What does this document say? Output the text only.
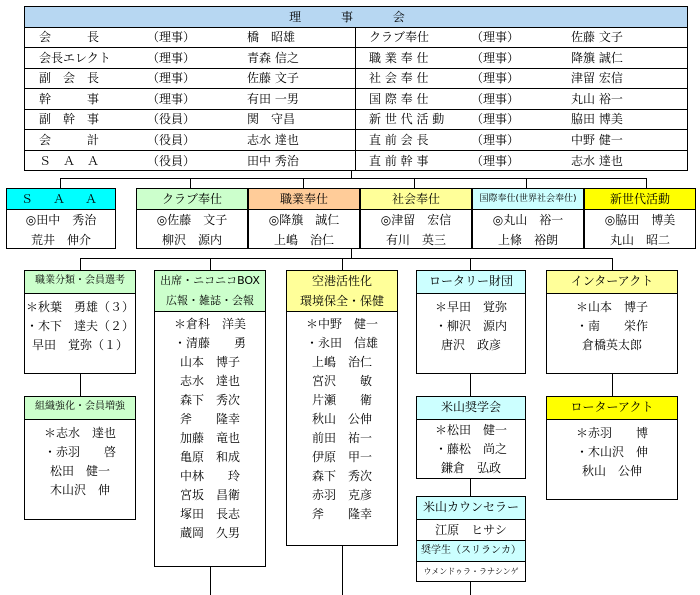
理 事 会
会　　　長	（理事）	橋　昭雄	クラブ奉仕	（理事）	佐藤 文子
会長エレクト	（理事）	青森 信之	職 業 奉 仕	（理事）	降籏 誠仁
副　会　長	（理事）	佐藤 文子	社 会 奉 仕	（理事）	津留 宏信
幹　　　事	（理事）	有田 一男	国 際 奉 仕	（理事）	丸山 裕一
副　幹　事	（役員）	関　守昌	新 世 代 活 動 （理事）	脇田 博美
会　　　計	（役員）	志水 達也	直 前 会 長	（理事）	中野 健一
Ｓ　Ａ　Ａ	（役員）	田中 秀治	直 前 幹 事	（理事）	志水 達也
Ｓ　Ａ　Ａ
◎田中　秀治
荒井　伸介
クラブ奉仕
◎佐藤　文子
柳沢　源内
職業奉仕
◎降籏　誠仁
上嶋　治仁
社会奉仕
◎津留　宏信
有川　英三
国際奉仕(世界社会奉仕)
◎丸山　裕一
上條　裕朗
新世代活動
◎脇田　博美
丸山　昭二
職業分類・会員選考
＊秋葉　勇雄（３）
・木下　達夫（２）
早田　覚弥（１）
組織強化・会員増強
＊志水　達也
・赤羽　　啓
松田　健一
木山沢　伸
出席・ニコニコBOX
広報・雑誌・会報
＊倉科　洋美
・清藤　　勇
山本　博子
志水　達也
森下　秀次
斧　　隆幸
加藤　竜也
亀原　和成
中林　　玲
宮坂　昌衛
塚田　長志
蔵岡　久男
空港活性化
環境保全・保健
＊中野　健一
・永田　信雄
上嶋　治仁
宮沢　　敏
片瀬　　衛
秋山　公伸
前田　祐一
伊原　甲一
森下　秀次
赤羽　克彦
斧　　隆幸
ロータリー財団
＊早田　覚弥
・柳沢　源内
唐沢　政彦
米山奨学会
＊松田　健一
・藤松　尚之
鎌倉　弘政
米山カウンセラー
江原　ヒサシ
奨学生（スリランカ）
ウメンドゥラ・ラナシンゲ
インターアクト
＊山本　博子
・南　　栄作
倉橋英太郎
ローターアクト
＊赤羽　　博
・木山沢　伸
秋山　公伸
